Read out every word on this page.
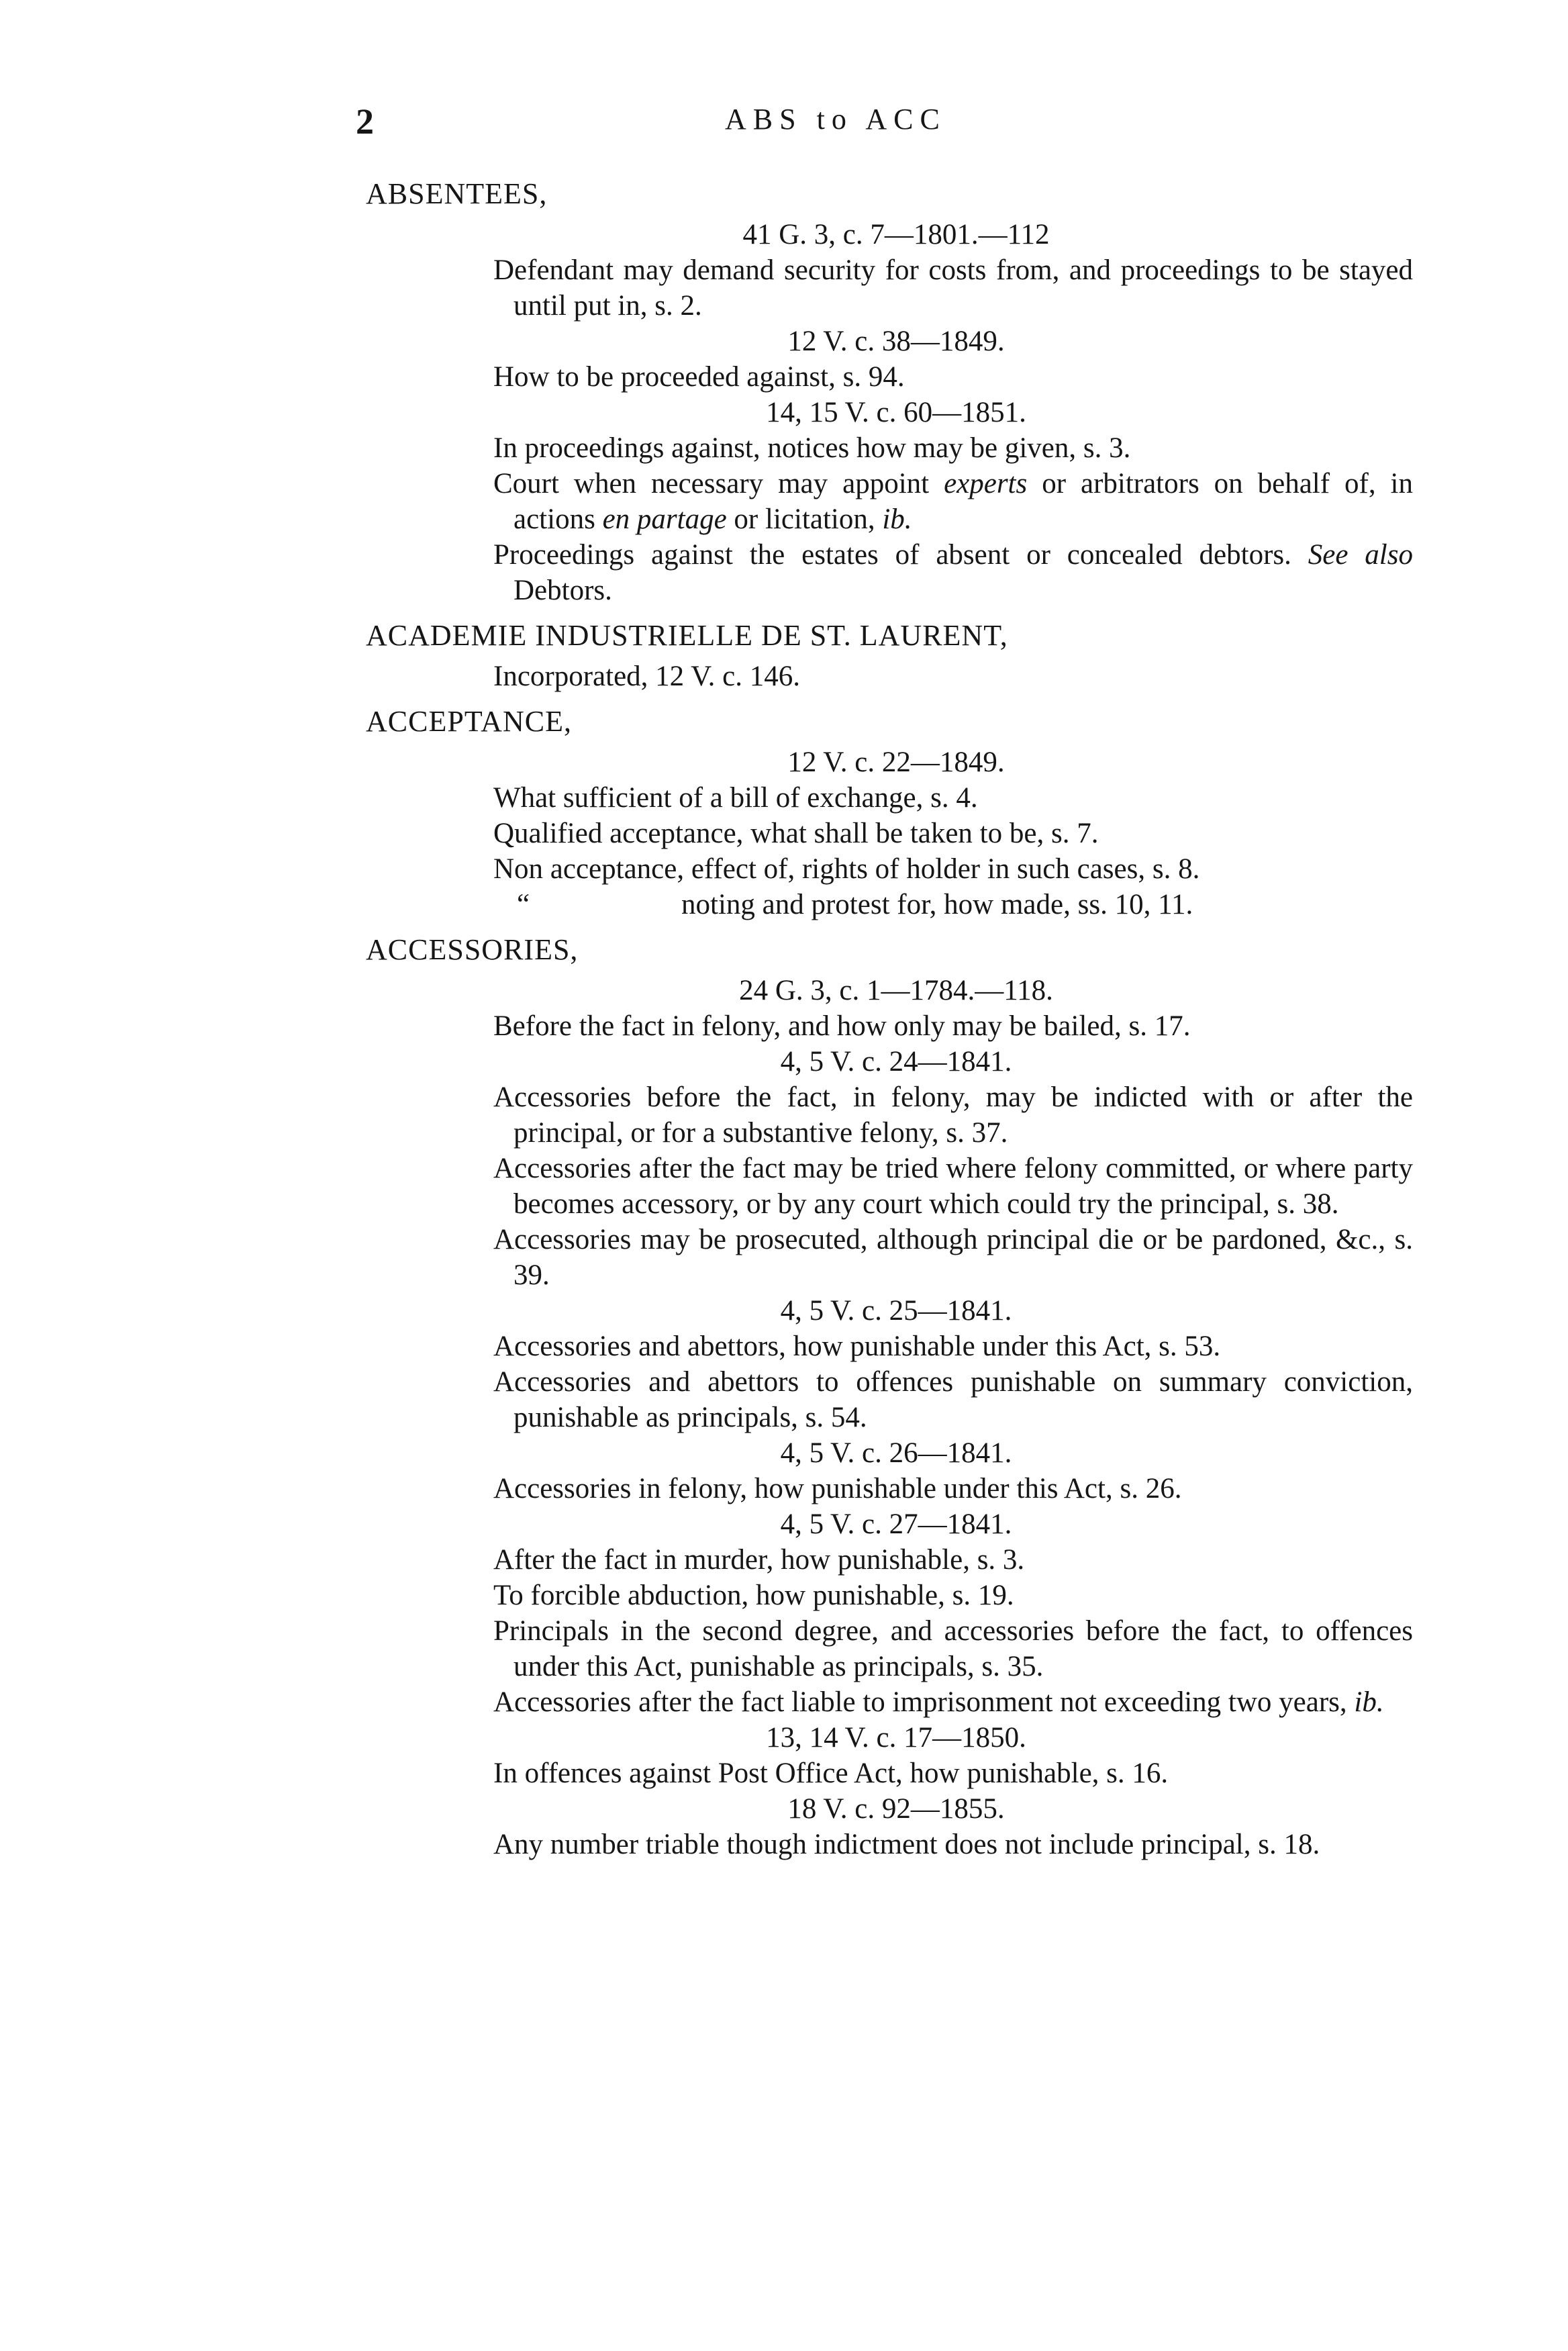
2	ABS to ACC
ABSENTEES,
41 G. 3, c. 7—1801.—112
Defendant may demand security for costs from, and proceedings to be stayed until put in, s. 2.
12 V. c. 38—1849.
How to be proceeded against, s. 94.
14, 15 V. c. 60—1851.
In proceedings against, notices how may be given, s. 3.
Court when necessary may appoint experts or arbitrators on behalf of, in actions en partage or licitation, ib.
Proceedings against the estates of absent or concealed debtors. See also Debtors.
ACADEMIE INDUSTRIELLE DE ST. LAURENT,
Incorporated, 12 V. c. 146.
ACCEPTANCE,
12 V. c. 22—1849.
What sufficient of a bill of exchange, s. 4.
Qualified acceptance, what shall be taken to be, s. 7.
Non acceptance, effect of, rights of holder in such cases, s. 8.
“	noting and protest for, how made, ss. 10, 11.
ACCESSORIES,
24 G. 3, c. 1—1784.—118.
Before the fact in felony, and how only may be bailed, s. 17.
4, 5 V. c. 24—1841.
Accessories before the fact, in felony, may be indicted with or after the principal, or for a substantive felony, s. 37.
Accessories after the fact may be tried where felony committed, or where party becomes accessory, or by any court which could try the principal, s. 38.
Accessories may be prosecuted, although principal die or be pardoned, &c., s. 39.
4, 5 V. c. 25—1841.
Accessories and abettors, how punishable under this Act, s. 53.
Accessories and abettors to offences punishable on summary conviction, punishable as principals, s. 54.
4, 5 V. c. 26—1841.
Accessories in felony, how punishable under this Act, s. 26.
4, 5 V. c. 27—1841.
After the fact in murder, how punishable, s. 3.
To forcible abduction, how punishable, s. 19.
Principals in the second degree, and accessories before the fact, to offences under this Act, punishable as principals, s. 35.
Accessories after the fact liable to imprisonment not exceeding two years, ib.
13, 14 V. c. 17—1850.
In offences against Post Office Act, how punishable, s. 16.
18 V. c. 92—1855.
Any number triable though indictment does not include principal, s. 18.
